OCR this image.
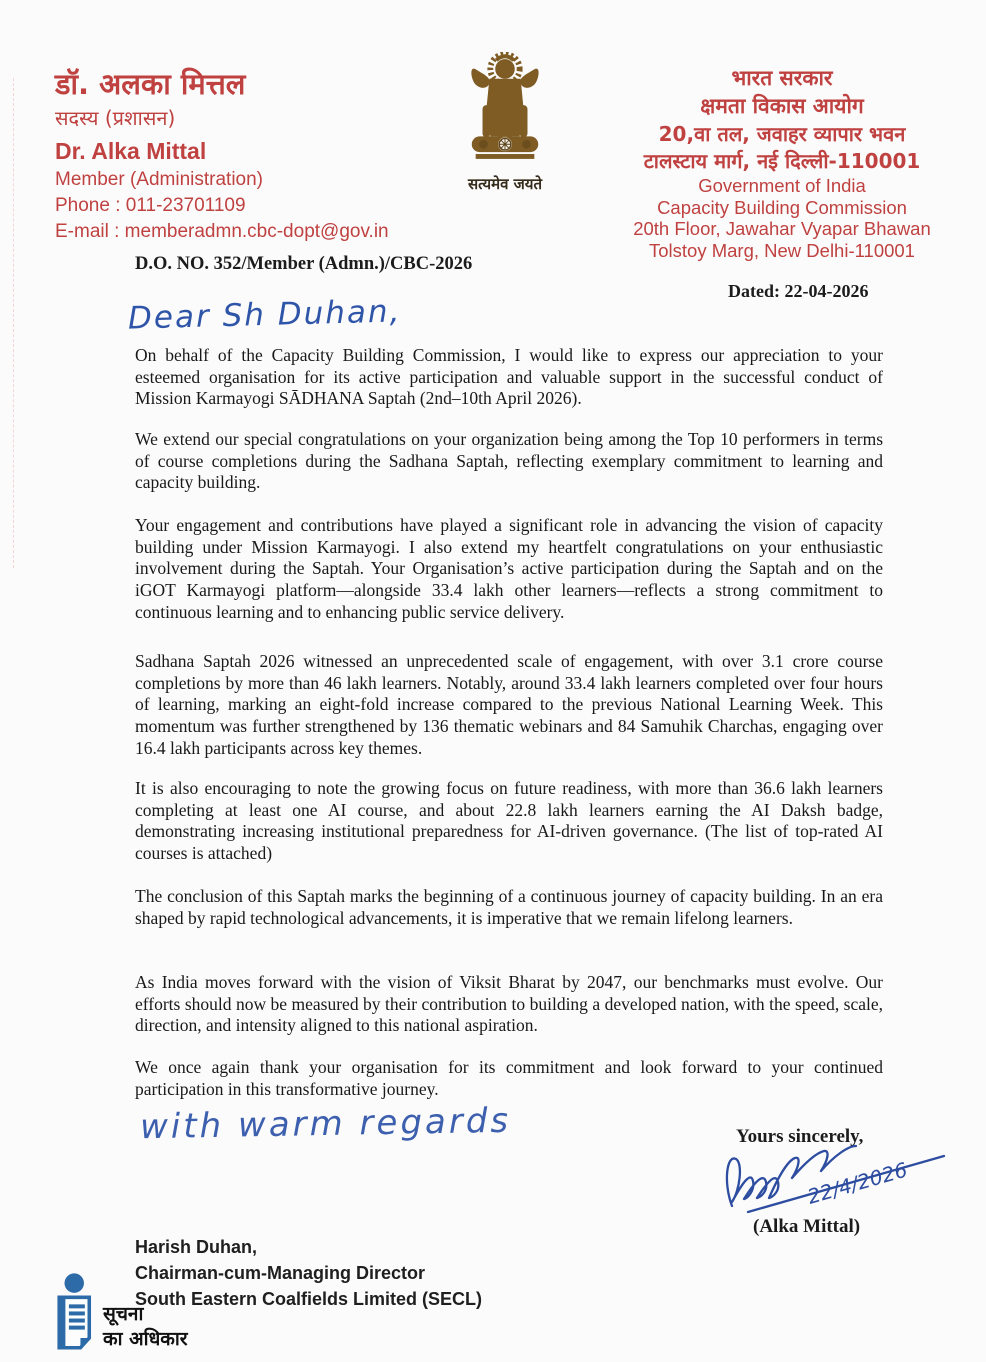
डॉ. अलका मित्तल
सदस्य (प्रशासन)
Dr. Alka Mittal
Member (Administration)
Phone : 011-23701109
E-mail : memberadmn.cbc-dopt@gov.in
सत्यमेव जयते
भारत सरकार
क्षमता विकास आयोग
20,वा तल, जवाहर व्यापार भवन
टालस्टाय मार्ग, नई दिल्ली-110001
Government of India
Capacity Building Commission
20th Floor, Jawahar Vyapar Bhawan
Tolstoy Marg, New Delhi-110001
D.O. NO. 352/Member (Admn.)/CBC-2026
Dated: 22-04-2026
Dear Sh Duhan,

On behalf of the Capacity Building Commission, I would like to express our appreciation to your esteemed organisation for its active participation and valuable support in the successful conduct of Mission Karmayogi SĀDHANA Saptah (2nd–10th April 2026).

We extend our special congratulations on your organization being among the Top 10 performers in terms of course completions during the Sadhana Saptah, reflecting exemplary commitment to learning and capacity building.

Your engagement and contributions have played a significant role in advancing the vision of capacity building under Mission Karmayogi. I also extend my heartfelt congratulations on your enthusiastic involvement during the Saptah. Your Organisation’s active participation during the Saptah and on the iGOT Karmayogi platform—alongside 33.4 lakh other learners—reflects a strong commitment to continuous learning and to enhancing public service delivery.

Sadhana Saptah 2026 witnessed an unprecedented scale of engagement, with over 3.1 crore course completions by more than 46 lakh learners. Notably, around 33.4 lakh learners completed over four hours of learning, marking an eight-fold increase compared to the previous National Learning Week. This momentum was further strengthened by 136 thematic webinars and 84 Samuhik Charchas, engaging over 16.4 lakh participants across key themes.

It is also encouraging to note the growing focus on future readiness, with more than 36.6 lakh learners completing at least one AI course, and about 22.8 lakh learners earning the AI Daksh badge, demonstrating increasing institutional preparedness for AI-driven governance. (The list of top-rated AI courses is attached)

The conclusion of this Saptah marks the beginning of a continuous journey of capacity building. In an era shaped by rapid technological advancements, it is imperative that we remain lifelong learners.

As India moves forward with the vision of Viksit Bharat by 2047, our benchmarks must evolve. Our efforts should now be measured by their contribution to building a developed nation, with the speed, scale, direction, and intensity aligned to this national aspiration.

We once again thank your organisation for its commitment and look forward to your continued participation in this transformative journey.

with warm regards	Yours sincerely,
22/4/2026
(Alka Mittal)
Harish Duhan,
Chairman-cum-Managing Director
South Eastern Coalfields Limited (SECL)
सूचना
का अधिकार
